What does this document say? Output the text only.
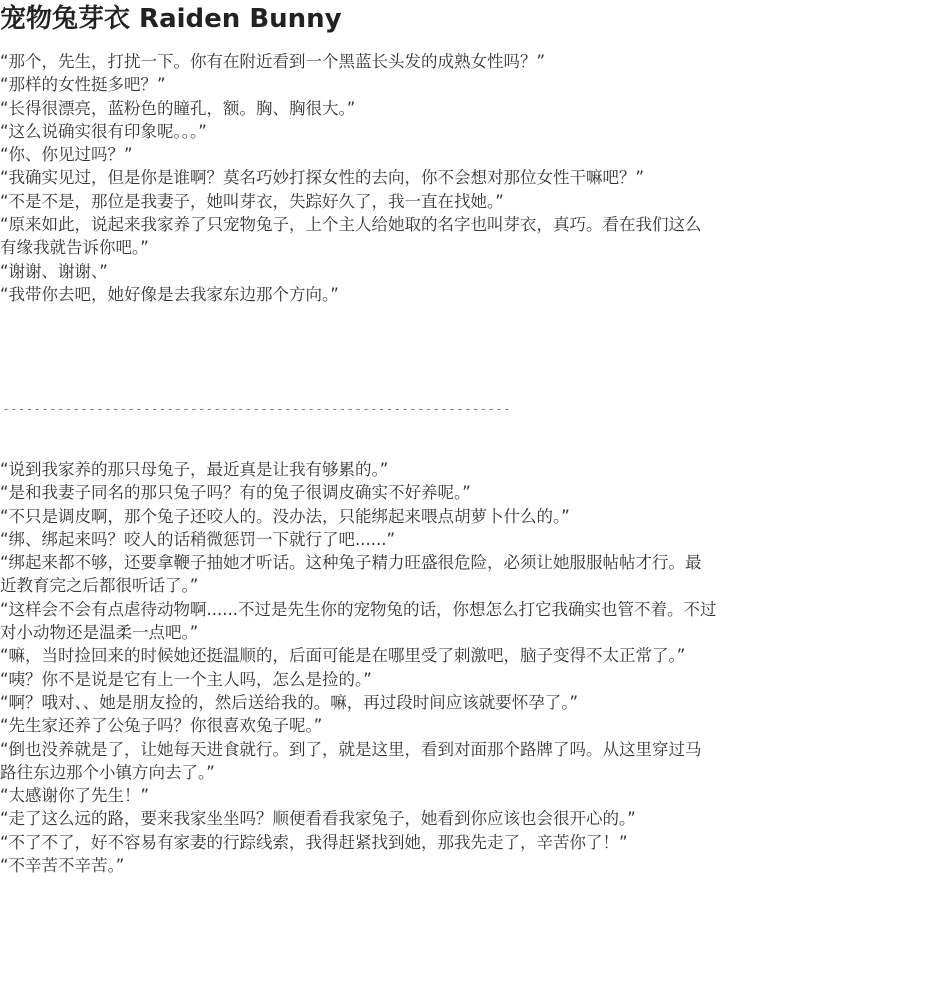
宠物兔芽衣 Raiden Bunny
“那个，先生，打扰一下。你有在附近看到一个黑蓝长头发的成熟女性吗？”
“那样的女性挺多吧？”
“长得很漂亮，蓝粉色的瞳孔，额。胸、胸很大。”
“这么说确实很有印象呢。。。”
“你、你见过吗？”
“我确实见过，但是你是谁啊？莫名巧妙打探女性的去向，你不会想对那位女性干嘛吧？”
“不是不是，那位是我妻子，她叫芽衣，失踪好久了，我一直在找她。”
“原来如此，说起来我家养了只宠物兔子，上个主人给她取的名字也叫芽衣，真巧。看在我们这么
有缘我就告诉你吧。”
“谢谢、谢谢、”
“我带你去吧，她好像是去我家东边那个方向。”
-----------------------------------------------------------------
“说到我家养的那只母兔子，最近真是让我有够累的。”
“是和我妻子同名的那只兔子吗？有的兔子很调皮确实不好养呢。”
“不只是调皮啊，那个兔子还咬人的。没办法，只能绑起来喂点胡萝卜什么的。”
“绑、绑起来吗？咬人的话稍微惩罚一下就行了吧......”
“绑起来都不够，还要拿鞭子抽她才听话。这种兔子精力旺盛很危险，必须让她服服帖帖才行。最
近教育完之后都很听话了。”
“这样会不会有点虐待动物啊......不过是先生你的宠物兔的话，你想怎么打它我确实也管不着。不过
对小动物还是温柔一点吧。”
“嘛，当时捡回来的时候她还挺温顺的，后面可能是在哪里受了刺激吧，脑子变得不太正常了。”
“咦？你不是说是它有上一个主人吗，怎么是捡的。”
“啊？哦对、、她是朋友捡的，然后送给我的。嘛，再过段时间应该就要怀孕了。”
“先生家还养了公兔子吗？你很喜欢兔子呢。”
“倒也没养就是了，让她每天进食就行。到了，就是这里，看到对面那个路牌了吗。从这里穿过马
路往东边那个小镇方向去了。”
“太感谢你了先生！”
“走了这么远的路，要来我家坐坐吗？顺便看看我家兔子，她看到你应该也会很开心的。”
“不了不了，好不容易有家妻的行踪线索，我得赶紧找到她，那我先走了，辛苦你了！”
“不辛苦不辛苦。”
